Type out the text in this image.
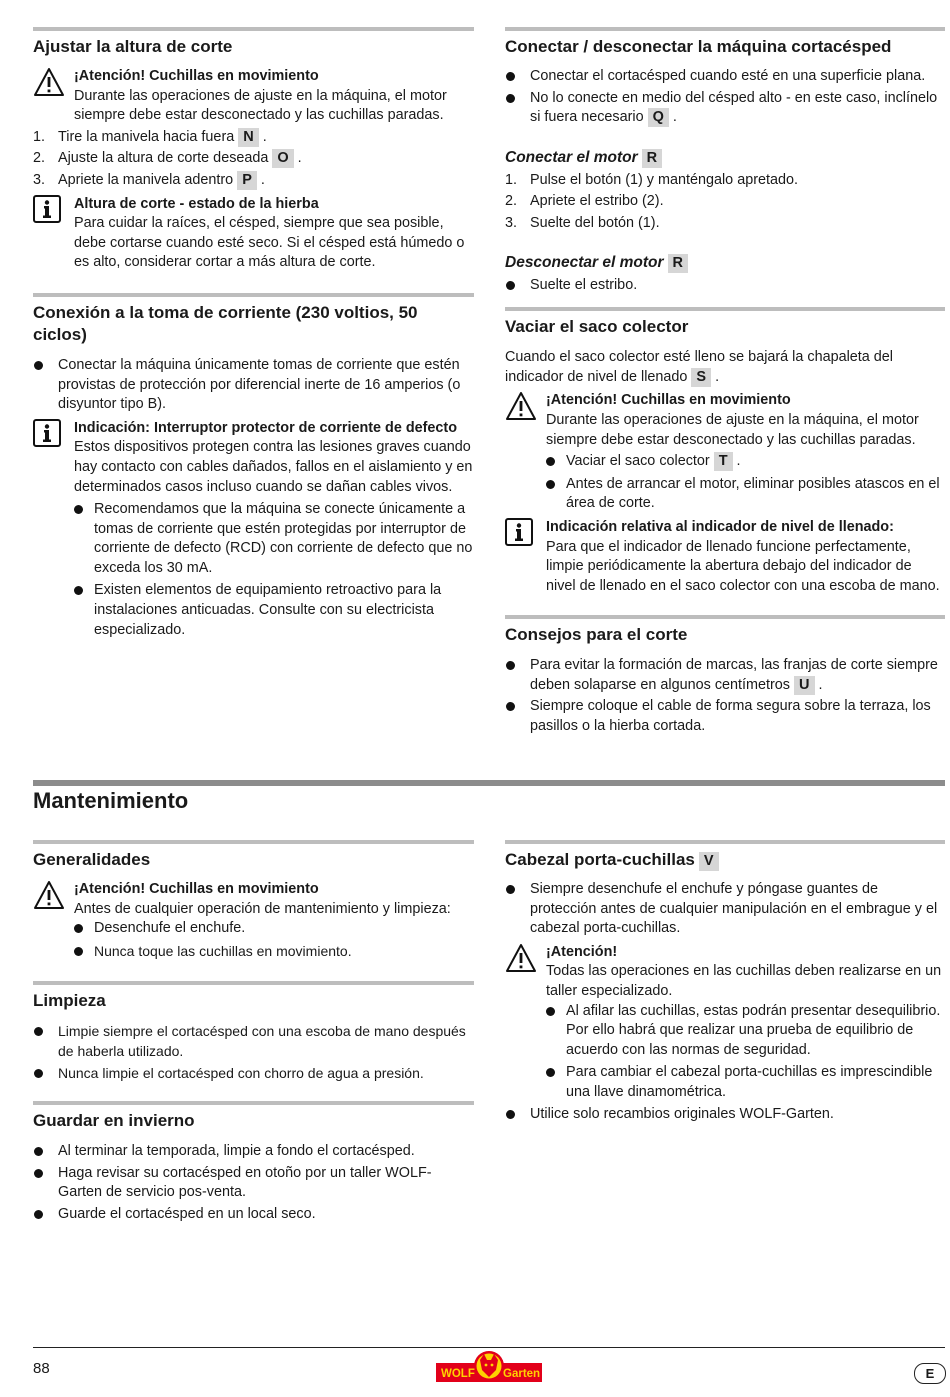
Ajustar la altura de corte

¡Atención! Cuchillas en movimiento

Durante las operaciones de ajuste en la máquina, el motor siempre debe estar desconectado y las cuchillas paradas.

1. Tire la manivela hacia fuera N .
2. Ajuste la altura de corte deseada O .
3. Apriete la manivela adentro P .

Altura de corte - estado de la hierba

Para cuidar la raíces, el césped, siempre que sea posible, debe cortarse cuando esté seco. Si el césped está húmedo o es alto, considerar cortar a más altura de corte.

Conexión a la toma de corriente (230 voltios, 50 ciclos)
Conectar la máquina únicamente tomas de corriente que estén provistas de protección por diferencial inerte de 16 amperios (o disyuntor tipo B).

Indicación: Interruptor protector de corriente de defecto

Estos dispositivos protegen contra las lesiones graves cuando hay contacto con cables dañados, fallos en el aislamiento y en determinados casos incluso cuando se dañan cables vivos.

Recomendamos que la máquina se conecte únicamente a tomas de corriente que estén protegidas por interruptor de corriente de defecto (RCD) con corriente de defecto que no exceda los 30 mA.
Existen elementos de equipamiento retroactivo para la instalaciones anticuadas. Consulte con su electricista especializado.
Conectar / desconectar la máquina cortacésped
Conectar el cortacésped cuando esté en una superficie plana.
No lo conecte en medio del césped alto - en este caso, inclínelo si fuera necesario Q .
Conectar el motor R
1. Pulse el botón (1) y manténgalo apretado.
2. Apriete el estribo (2).
3. Suelte del botón (1).
Desconectar el motor R
Suelte el estribo.
Vaciar el saco colector

Cuando el saco colector esté lleno se bajará la chapaleta del indicador de nivel de llenado S .

¡Atención! Cuchillas en movimiento

Durante las operaciones de ajuste en la máquina, el motor siempre debe estar desconectado y las cuchillas paradas.

Vaciar el saco colector T .
Antes de arrancar el motor, eliminar posibles atascos en el área de corte.

Indicación relativa al indicador de nivel de llenado:

Para que el indicador de llenado funcione perfectamente, limpie periódicamente la abertura debajo del indicador de nivel de llenado en el saco colector con una escoba de mano.

Consejos para el corte
Para evitar la formación de marcas, las franjas de corte siempre deben solaparse en algunos centímetros U .
Siempre coloque el cable de forma segura sobre la terraza, los pasillos o la hierba cortada.
Mantenimiento
Generalidades

¡Atención! Cuchillas en movimiento

Antes de cualquier operación de mantenimiento y limpieza:

Desenchufe el enchufe.
Nunca toque las cuchillas en movimiento.
Limpieza
Limpie siempre el cortacésped con una escoba de mano después de haberla utilizado.
Nunca limpie el cortacésped con chorro de agua a presión.
Guardar en invierno
Al terminar la temporada, limpie a fondo el cortacésped.
Haga revisar su cortacésped en otoño por un taller WOLF-Garten de servicio pos-venta.
Guarde el cortacésped en un local seco.
Cabezal porta-cuchillas V
Siempre desenchufe el enchufe y póngase guantes de protección antes de cualquier manipulación en el embrague y el cabezal porta-cuchillas.

¡Atención!

Todas las operaciones en las cuchillas deben realizarse en un taller especializado.

Al afilar las cuchillas, estas podrán presentar desequilibrio. Por ello habrá que realizar una prueba de equilibrio de acuerdo con las normas de seguridad.
Para cambiar el cabezal porta-cuchillas es imprescindible una llave dinamométrica.
Utilice solo recambios originales WOLF-Garten.
88	WOLF Garten	E
